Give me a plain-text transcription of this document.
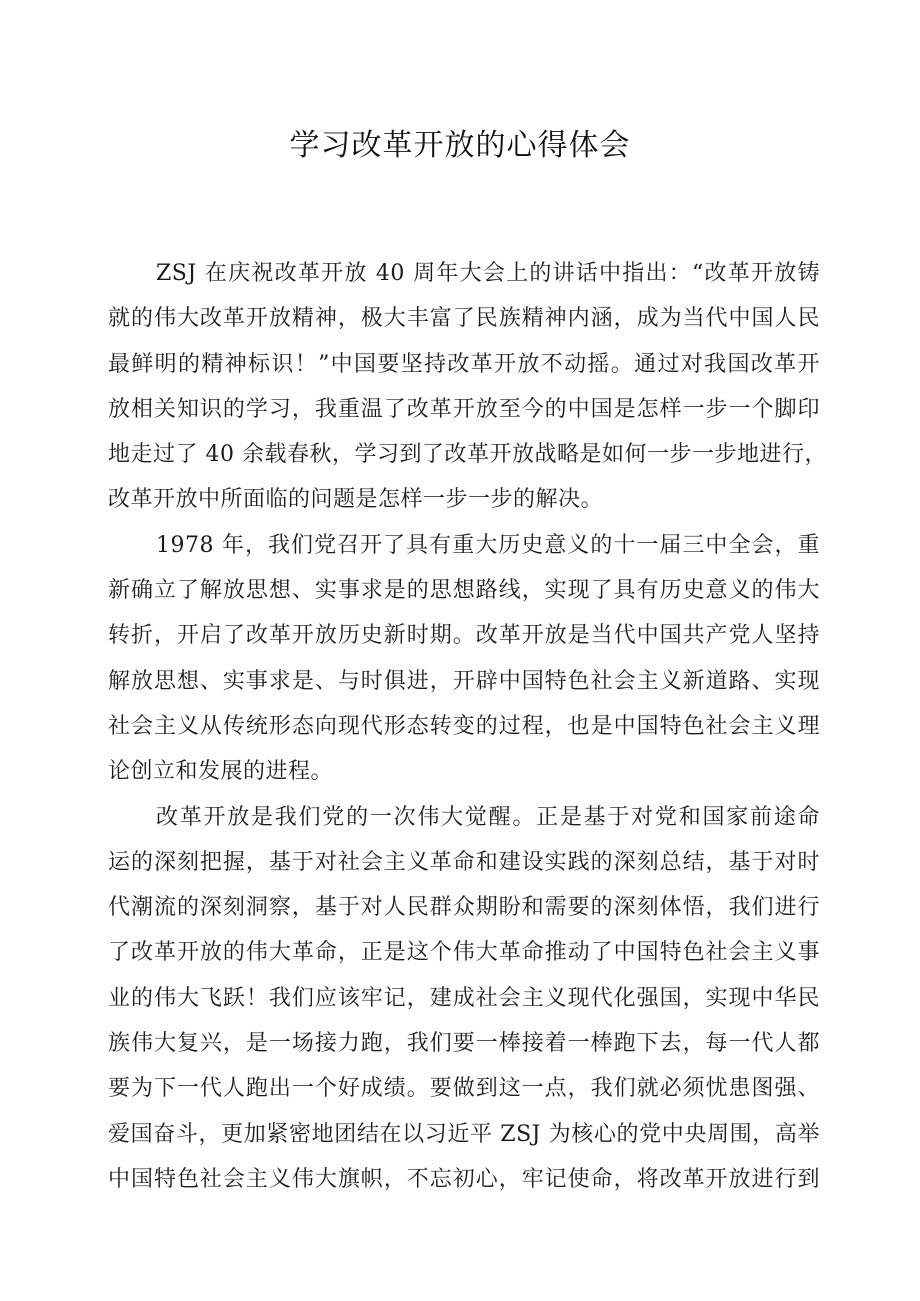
学习改革开放的心得体会
ZSJ 在庆祝改革开放 40 周年大会上的讲话中指出：“改革开放铸
就的伟大改革开放精神，极大丰富了民族精神内涵，成为当代中国人民
最鲜明的精神标识！”中国要坚持改革开放不动摇。通过对我国改革开
放相关知识的学习，我重温了改革开放至今的中国是怎样一步一个脚印
地走过了 40 余载春秋，学习到了改革开放战略是如何一步一步地进行，
改革开放中所面临的问题是怎样一步一步的解决。
1978 年，我们党召开了具有重大历史意义的十一届三中全会，重
新确立了解放思想、实事求是的思想路线，实现了具有历史意义的伟大
转折，开启了改革开放历史新时期。改革开放是当代中国共产党人坚持
解放思想、实事求是、与时俱进，开辟中国特色社会主义新道路、实现
社会主义从传统形态向现代形态转变的过程，也是中国特色社会主义理
论创立和发展的进程。
改革开放是我们党的一次伟大觉醒。正是基于对党和国家前途命
运的深刻把握，基于对社会主义革命和建设实践的深刻总结，基于对时
代潮流的深刻洞察，基于对人民群众期盼和需要的深刻体悟，我们进行
了改革开放的伟大革命，正是这个伟大革命推动了中国特色社会主义事
业的伟大飞跃！我们应该牢记，建成社会主义现代化强国，实现中华民
族伟大复兴，是一场接力跑，我们要一棒接着一棒跑下去，每一代人都
要为下一代人跑出一个好成绩。要做到这一点，我们就必须忧患图强、
爱国奋斗，更加紧密地团结在以习近平 ZSJ 为核心的党中央周围，高举
中国特色社会主义伟大旗帜，不忘初心，牢记使命，将改革开放进行到
